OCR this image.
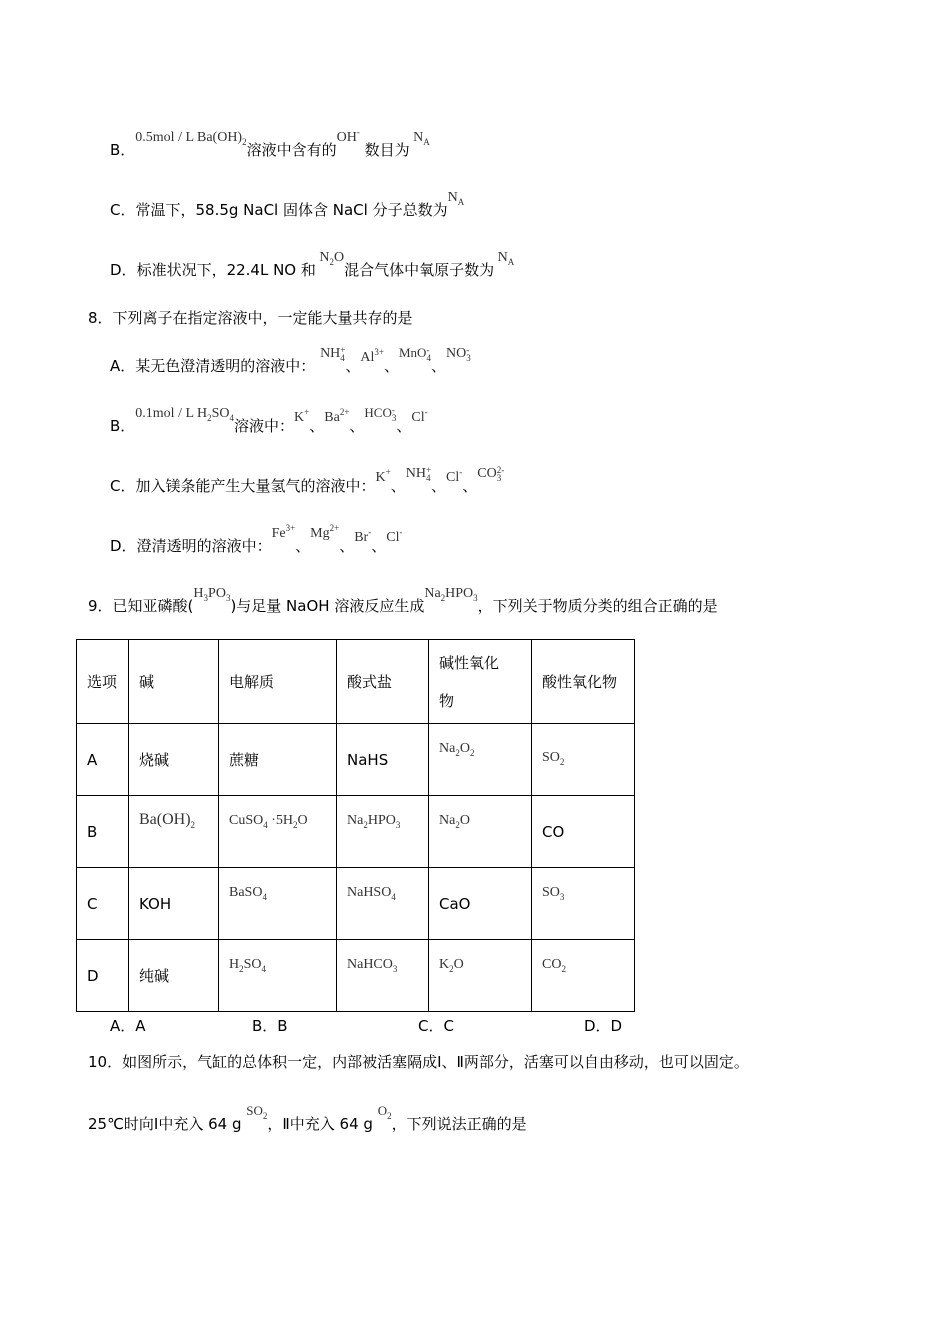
B．0.5mol / L $Ba(OH)_2$溶液中含有的OH- 数目为 $N_A$
C．常温下，58.5g NaCl 固体含 NaCl 分子总数为$N_A$
D．标准状况下，22.4L NO 和 $N_2O$混合气体中氧原子数为 $N_A$
8．下列离子在指定溶液中，一定能大量共存的是
A．某无色澄清透明的溶液中： NH +
4 、$Al^{3+}$、MnO -
4 、NO -
3
B．0.1mol / L $H_2SO_4$溶液中：K+、$Ba^{2+}$、HCO -
3 、Cl-
C．加入镁条能产生大量氢气的溶液中：K+、NH +
4 、Cl-、CO 2-
3
D．澄清透明的溶液中：$Fe^{3+}$、$Mg^{2+}$、Br-、Cl-
9．已知亚磷酸$(H_3PO_3)$与足量 NaOH 溶液反应生成$Na_2HPO_3$，下列关于物质分类的组合正确的是
选项	碱	电解质	酸式盐	碱性氧化
物	酸性氧化物
A	烧碱	蔗糖	NaHS	$Na_2O_2$	$SO_2$
B	$Ba(OH)_2$	CuSO$_4$ $\cdot 5H_2O$	$Na_2HPO_3$	$Na_2O$	CO
C	KOH	BaSO$_4$	NaHSO$_4$	CaO	$SO_3$
D	纯碱	$H_2SO_4$	NaHCO$_3$	$K_2O$	$CO_2$
A．A	B．B	C．C	D．D
10．如图所示，气缸的总体积一定，内部被活塞隔成Ⅰ、Ⅱ两部分，活塞可以自由移动，也可以固定。
25℃时向Ⅰ中充入 64 g $SO_2$，Ⅱ中充入 64 g $O_2$，下列说法正确的是
